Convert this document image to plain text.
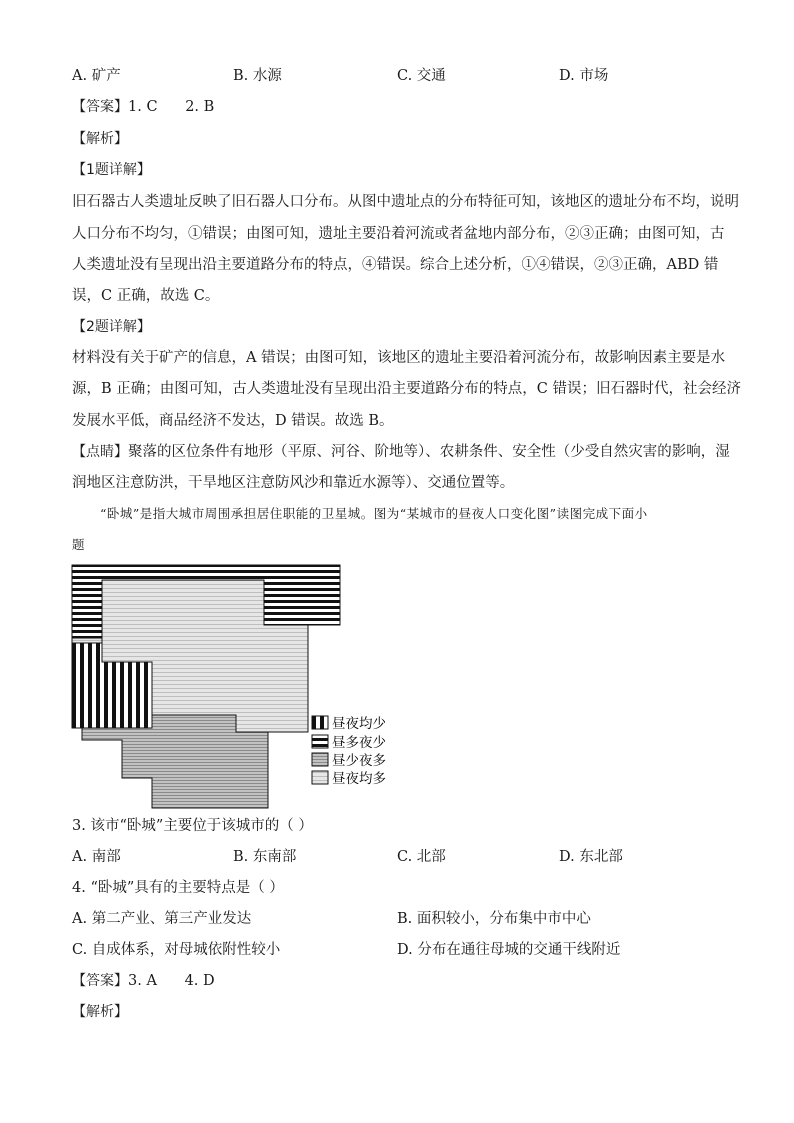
A. 矿产	B. 水源	C. 交通	D. 市场
【答案】1. C      2. B
【解析】
【1题详解】
旧石器古人类遗址反映了旧石器人口分布。从图中遗址点的分布特征可知，该地区的遗址分布不均，说明
人口分布不均匀，①错误；由图可知，遗址主要沿着河流或者盆地内部分布，②③正确；由图可知，古
人类遗址没有呈现出沿主要道路分布的特点，④错误。综合上述分析，①④错误，②③正确，ABD 错
误，C 正确，故选 C。
【2题详解】
材料没有关于矿产的信息，A 错误；由图可知，该地区的遗址主要沿着河流分布，故影响因素主要是水
源，B 正确；由图可知，古人类遗址没有呈现出沿主要道路分布的特点，C 错误；旧石器时代，社会经济
发展水平低，商品经济不发达，D 错误。故选 B。
【点睛】聚落的区位条件有地形（平原、河谷、阶地等）、农耕条件、安全性（少受自然灾害的影响，湿
润地区注意防洪，干旱地区注意防风沙和靠近水源等）、交通位置等。
“卧城”是指大城市周围承担居住职能的卫星城。图为“某城市的昼夜人口变化图”读图完成下面小
题
昼夜均少
昼多夜少
昼少夜多
昼夜均多
3. 该市“卧城”主要位于该城市的（ ）
A. 南部	B. 东南部	C. 北部	D. 东北部
4. “卧城”具有的主要特点是（ ）
A. 第二产业、第三产业发达	B. 面积较小，分布集中市中心
C. 自成体系，对母城依附性较小	D. 分布在通往母城的交通干线附近
【答案】3. A      4. D
【解析】
